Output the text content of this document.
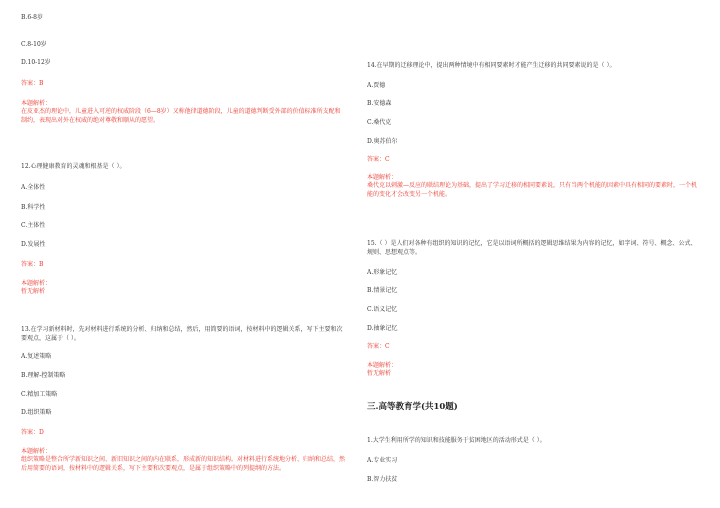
B.6-8岁
C.8-10岁
D.10-12岁
答案：B
本题解析：
在皮亚杰的理论中，儿童进入可逆的权威阶段（6—8岁）又称他律道德阶段，儿童的道德判断受外部的价值标准所支配和制约，表现出对外在权威的绝对尊敬和顺从的愿望。
12.心理健康教育的灵魂和根基是（ ）。
A.全体性
B.科学性
C.主体性
D.发展性
答案：B
本题解析：
暂无解析
13.在学习新材料时，先对材料进行系统的分析、归纳和总结，然后，用简要的语词，按材料中的逻辑关系，写下主要和次要观点，这属于（ ）。
A.复述策略
B.理解-控制策略
C.精加工策略
D.组织策略
答案：D
本题解析：
组织策略是整合所学新知识之间、新旧知识之间的内在联系，形成新的知识结构。对材料进行系统地分析、归纳和总结，然后用简要的语词，按材料中的逻辑关系，写下主要和次要观点，是属于组织策略中的列提纲的方法。
14.在早期的迁移理论中，提出两种情境中有相同要素时才能产生迁移的共同要素说的是（ ）。
A.贾德
B.安德森
C.桑代克
D.奥苏伯尔
答案：C
本题解析：
桑代克以刺激—反应的联结理论为基础，提出了学习迁移的相同要素说，只有当两个机能的因素中具有相同的要素时，一个机能的变化才会改变另一个机能。
15.（ ）是人们对各种有组织的知识的记忆，它是以语词所概括的逻辑思维结果为内容的记忆，如字词、符号、概念、公式、规则、思想观点等。
A.形象记忆
B.情景记忆
C.语义记忆
D.抽象记忆
答案：C
本题解析：
暂无解析
三.高等教育学(共10题)
1.大学生利用所学的知识和技能服务于贫困地区的活动形式是（ ）。
A.专业实习
B.智力扶贫
